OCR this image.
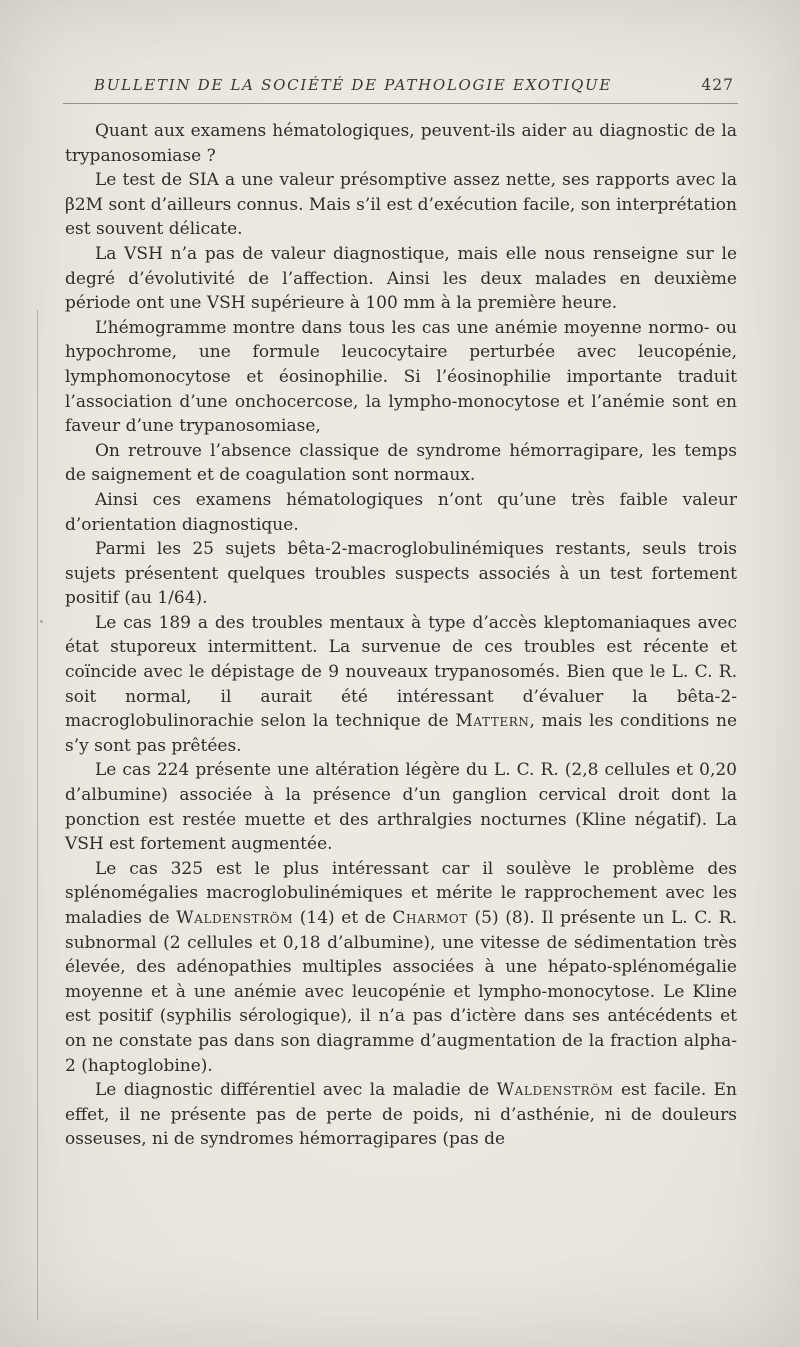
BULLETIN DE LA SOCIÉTÉ DE PATHOLOGIE EXOTIQUE	427

Quant aux examens hématologiques, peuvent-ils aider au diagnostic de la trypanosomiase ?

Le test de SIA a une valeur présomptive assez nette, ses rapports avec la β2M sont d’ailleurs connus. Mais s’il est d’exécution facile, son interprétation est souvent délicate.

La VSH n’a pas de valeur diagnostique, mais elle nous renseigne sur le degré d’évolutivité de l’affection. Ainsi les deux malades en deuxième période ont une VSH supérieure à 100 mm à la première heure.

L’hémogramme montre dans tous les cas une anémie moyenne normo- ou hypochrome, une formule leucocytaire perturbée avec leucopénie, lymphomonocytose et éosinophilie. Si l’éosinophilie importante traduit l’association d’une onchocercose, la lympho-monocytose et l’anémie sont en faveur d’une trypanosomiase,

On retrouve l’absence classique de syndrome hémorragipare, les temps de saignement et de coagulation sont normaux.

Ainsi ces examens hématologiques n’ont qu’une très faible valeur d’orientation diagnostique.

Parmi les 25 sujets bêta-2-macroglobulinémiques restants, seuls trois sujets présentent quelques troubles suspects associés à un test fortement positif (au 1/64).

Le cas 189 a des troubles mentaux à type d’accès kleptomaniaques avec état stuporeux intermittent. La survenue de ces troubles est récente et coïncide avec le dépistage de 9 nouveaux trypanosomés. Bien que le L. C. R. soit normal, il aurait été intéressant d’évaluer la bêta-2-macroglobulinorachie selon la technique de Mattern, mais les conditions ne s’y sont pas prêtées.

Le cas 224 présente une altération légère du L. C. R. (2,8 cellules et 0,20 d’albumine) associée à la présence d’un ganglion cervical droit dont la ponction est restée muette et des arthralgies nocturnes (Kline négatif). La VSH est fortement augmentée.

Le cas 325 est le plus intéressant car il soulève le problème des splénomégalies macroglobulinémiques et mérite le rapprochement avec les maladies de Waldenström (14) et de Charmot (5) (8). Il présente un L. C. R. subnormal (2 cellules et 0,18 d’albumine), une vitesse de sédimentation très élevée, des adénopathies multiples associées à une hépato-splénomégalie moyenne et à une anémie avec leucopénie et lympho-monocytose. Le Kline est positif (syphilis sérologique), il n’a pas d’ictère dans ses antécédents et on ne constate pas dans son diagramme d’augmentation de la fraction alpha-2 (haptoglobine).

Le diagnostic différentiel avec la maladie de Waldenström est facile. En effet, il ne présente pas de perte de poids, ni d’asthénie, ni de douleurs osseuses, ni de syndromes hémorragipares (pas de
